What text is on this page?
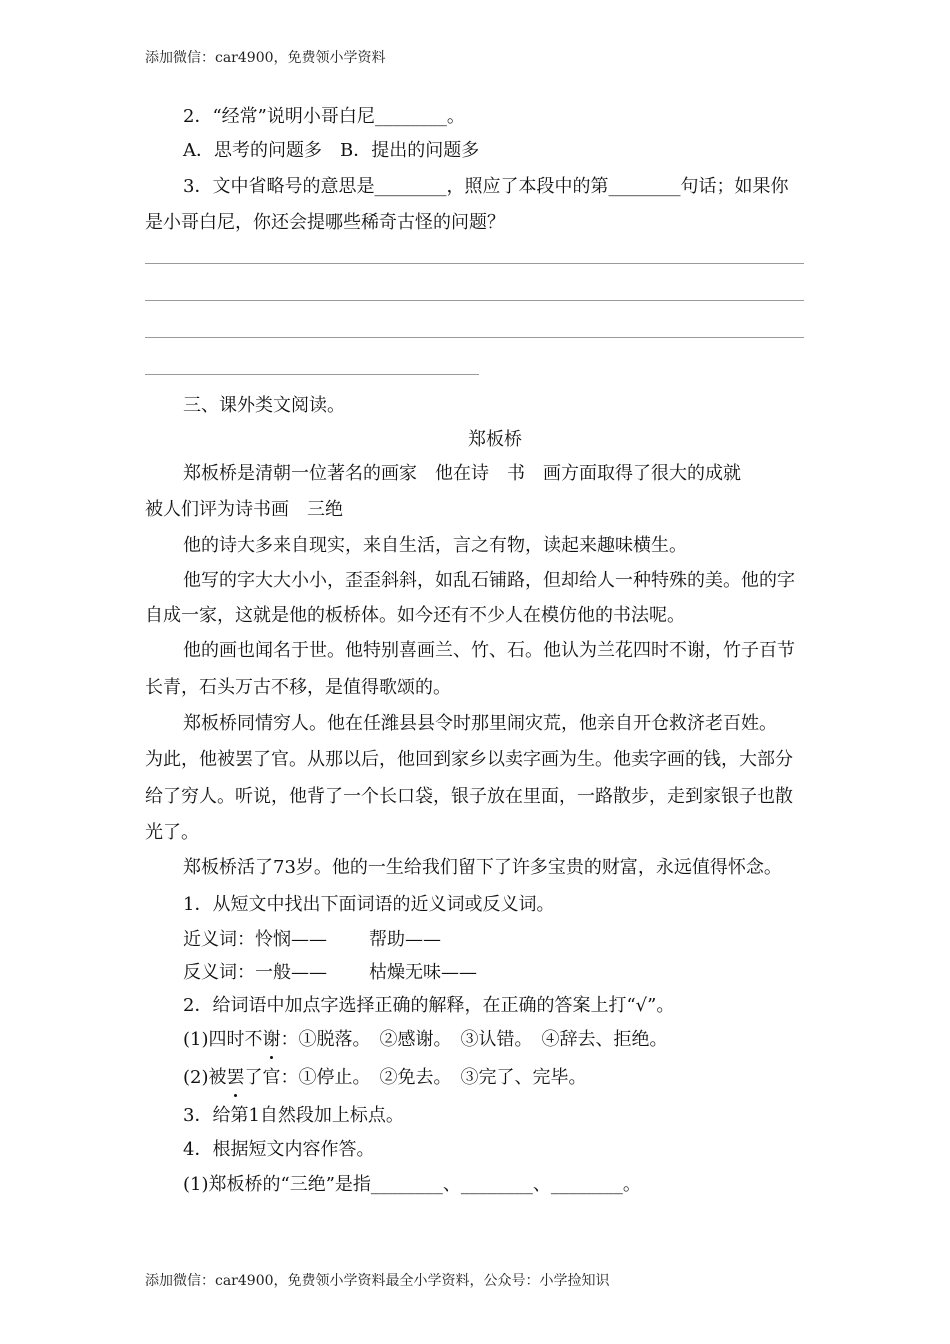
添加微信：car4900，免费领小学资料
2．“经常”说明小哥白尼________。
A．思考的问题多　B．提出的问题多
3．文中省略号的意思是________，照应了本段中的第________句话；如果你
是小哥白尼，你还会提哪些稀奇古怪的问题？
三、课外类文阅读。
郑板桥
郑板桥是清朝一位著名的画家　他在诗　书　画方面取得了很大的成就
被人们评为诗书画　三绝
他的诗大多来自现实，来自生活，言之有物，读起来趣味横生。
他写的字大大小小，歪歪斜斜，如乱石铺路，但却给人一种特殊的美。他的字
自成一家，这就是他的板桥体。如今还有不少人在模仿他的书法呢。
他的画也闻名于世。他特别喜画兰、竹、石。他认为兰花四时不谢，竹子百节
长青，石头万古不移，是值得歌颂的。
郑板桥同情穷人。他在任潍县县令时那里闹灾荒，他亲自开仓救济老百姓。
为此，他被罢了官。从那以后，他回到家乡以卖字画为生。他卖字画的钱，大部分
给了穷人。听说，他背了一个长口袋，银子放在里面，一路散步，走到家银子也散
光了。
郑板桥活了73岁。他的一生给我们留下了许多宝贵的财富，永远值得怀念。
1．从短文中找出下面词语的近义词或反义词。
近义词：怜悯—— 帮助——
反义词：一般—— 枯燥无味——
2．给词语中加点字选择正确的解释，在正确的答案上打“√”。
(1)四时不谢：①脱落。　②感谢。　③认错。　④辞去、拒绝。
(2)被罢了官：①停止。　②免去。　③完了、完毕。
3．给第1自然段加上标点。
4．根据短文内容作答。
(1)郑板桥的“三绝”是指________、________、________。
添加微信：car4900，免费领小学资料最全小学资料，公众号：小学捡知识
